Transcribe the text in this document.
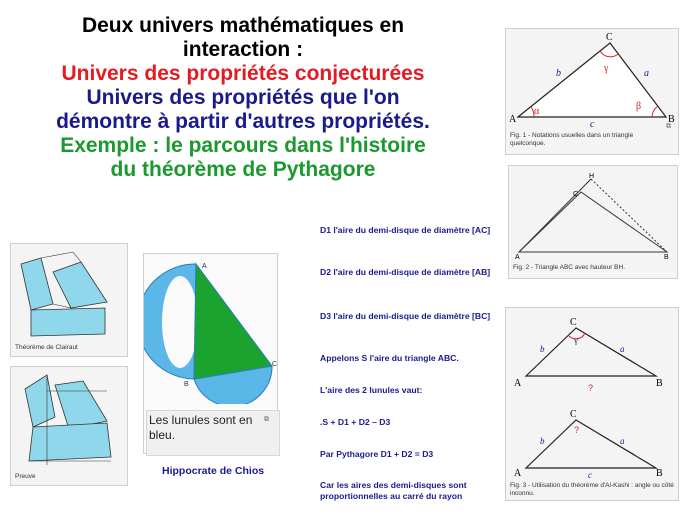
Deux univers mathématiques en
interaction :
Univers des propriétés conjecturées
Univers des propriétés que l'on
démontre à partir d'autres propriétés.
Exemple : le parcours dans l'histoire
du théorème de Pythagore
A	B
C
a
b
c
α	β
γ
⧉
Fig. 1 - Notations usuelles dans un triangle quelconque.
A	B
C
H
Fig. 2 - Triangle ABC avec hauteur BH.
A	B
C
b	a
γ
?
A	B
C
b	a
c
?
Fig. 3 - Utilisation du théorème d'Al-Kashi : angle ou côté inconnu.
Théorème de Clairaut
Preuve
A
B
C
Les lunules sont en bleu.
⧉
Hippocrate de Chios
D1 l'aire du demi-disque de diamètre [AC]
D2 l'aire du demi-disque de diamètre [AB]
D3 l'aire du demi-disque de diamètre [BC]
Appelons S l'aire du triangle ABC.
L'aire des 2 lunules vaut:
.S + D1 + D2 – D3
Par Pythagore D1 + D2 = D3
Car les aires des demi-disques sont proportionnelles au carré du rayon
